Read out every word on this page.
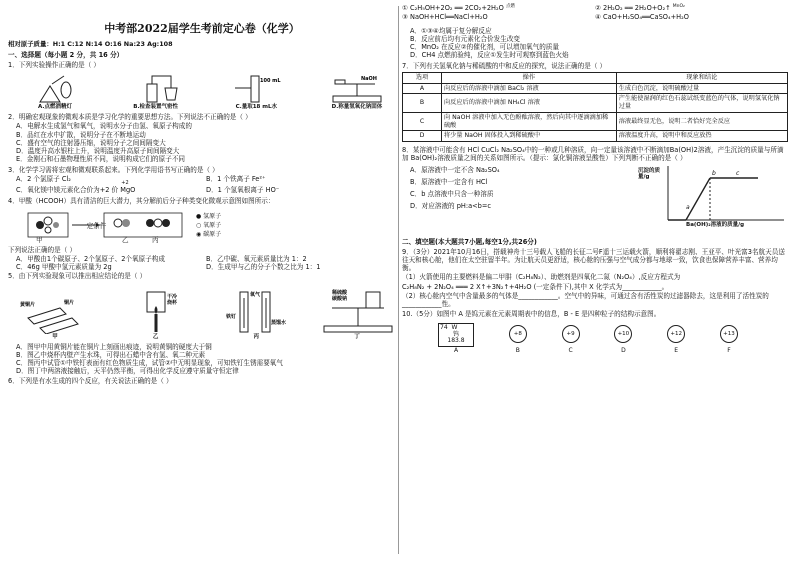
中考部2022届学生考前定心卷（化学）
相对原子质量：H:1 C:12 N:14 O:16 Na:23 Ag:108
一、选择题（每小题 2 分，共 16 分）
1．下列实验操作正确的是（ ）
A.点燃酒精灯	B.检查装置气密性
100 mL
C.量取18 mL水
NaOH
D.称量氢氧化钠固体
2．明确宏观现象的微观本质是学习化学的重要思想方法。下列说法不正确的是（ ）
A．电解水生成氢气和氧气，说明水分子由氢、氧原子构成的
B．品红在水中扩散，说明分子在不断地运动
C．盛有空气的注射器压缩，说明分子之间间隔变大
D．温度升高水银柱上升，说明温度升高原子间间隔变大
E．金刚石和石墨物理性质不同，说明构成它们的原子不同
3．化学学习需将宏观和微观联系起来。下列化学用语书写正确的是（ ）
A．2 个氯原子 Cl₂	B．1 个铁离子 Fe²⁺
C．氧化镁中镁元素化合价为+2 价
+2
MgO	D．1 个氢氧根离子 HO⁻
4．甲酸（HCOOH）具有清洁的巨大潜力，其分解前后分子种类变化微观示意图如图所示：
一定条件
甲	乙	丙
● 氢原子
○ 氧原子
◉ 碳原子
下列说法正确的是（ ）
A．甲酸由1个碳原子、2个氢原子、2个氧原子构成	B．乙中碳、氧元素质量比为 1：2
C．46g 甲酸中氢元素质量为 2g	D．生成甲与乙的分子个数之比为 1：1
5．由下列实验现象可以推出相应结论的是（ ）
黄铜片	铜片
甲
干冷
烧杯
乙
氧气
铁钉
蒸馏水
丙
稀硫酸
碳酸钠
丁
A．图甲中用黄铜片能在铜片上刻画出痕迹，说明黄铜的硬度大于铜
B．图乙中烧杯内壁产生水珠，可得出石蜡中含有氢、氧二种元素
C．图丙中试管①中铁钉表面有红色物质生成，试管②中无明显现象，可知铁钉生锈需要氧气
D．图丁中两溶液接触后，天平仍然平衡，可得出化学反应遵守质量守恒定律
6．下列是有水生成的四个反应，有关说法正确的是（ ）
① C₂H₅OH+2O₂ ══ 2CO₂+2H₂O $^{点燃}$	② 2H₂O₂ ══ 2H₂O+O₂↑ $^{MnO_2}$
③ NaOH+HCl══NaCl+H₂O	④ CaO+H₂SO₄══CaSO₄+H₂O
A．①③④均属于复分解反应
B．反应前后均有元素化合价发生改变
C．MnO₂ 在反应②的催化剂，可以增加氧气的质量
D．CH4 点燃前验纯，反应①发生时可观察到蓝色火焰
7．下列有关氢氧化钠与稀硫酸的中和反应的探究，说法正确的是（ ）
选项	操作	现象和结论
A	向反应后的溶液中滴加 BaCl₂ 溶液	生成白色沉淀，说明硫酸过量
B	向反应后的溶液中滴加 NH₄Cl 溶液	产生能使湿润的红色石蕊试纸变蓝色的气体，说明氢氧化钠过量
C	向 NaOH 溶液中加入无色酚酞溶液，然后向其中逐滴滴加稀硫酸	溶液最终显无色，说明二者恰好完全反应
D	将少量 NaOH 固体投入到稀硫酸中	溶液温度升高，说明中和反应放热
8．某溶液中可能含有 HCl CuCl₂ Na₂SO₄中的一种或几种溶质，向一定量该溶液中不断滴加Ba(OH)2溶液，产生沉淀的质量与所滴加 Ba(OH)₂溶液质量之间的关系如图所示。（提示：氯化铜溶液呈酸性）下列判断不正确的是（ ）
A．原溶液中一定不含 Na₂SO₄
B．原溶液中一定含有 HCl
C．b 点溶液中只含一种溶质
D．对应溶液的 pH:a<b=c	a
b	c
沉淀的质量/g
Ba(OH)₂溶液的质量/g
二、填空题(本大题共7小题,每空1分,共26分)
9．（3分）2021年10月16日，搭载神舟十三号载人飞船的长征二号F遥十三运载火箭，顺利将翟志刚、王亚平、叶光富3名航天员送往天和核心舱，他们在太空驻留半年。为让航天员更舒适，核心舱的压强与空气成分都与地球一致，饮食也保障营养丰富、营养均衡。
（1）火箭使用的主要燃料是偏二甲肼（C₂H₈N₂）、助燃剂是四氧化二氮（N₂O₄）,反应方程式为
C₂H₈N₂ + 2N₂O₄ ═══ 2 X↑+3N₂↑+4H₂O (一定条件下),其中 X 化学式为____________。
（2）核心舱内空气中含量最多的气体是____________。空气中的异味，可通过含有活性炭的过滤器除去，这是利用了活性炭的____________性。
10.（5分）如图中 A 是钨元素在元素周期表中的信息，B - E 是四种粒子的结构示意图。
74 W
钨
183.8
A
+8
B
+9
C
+10
D
+12
E
+13
F
